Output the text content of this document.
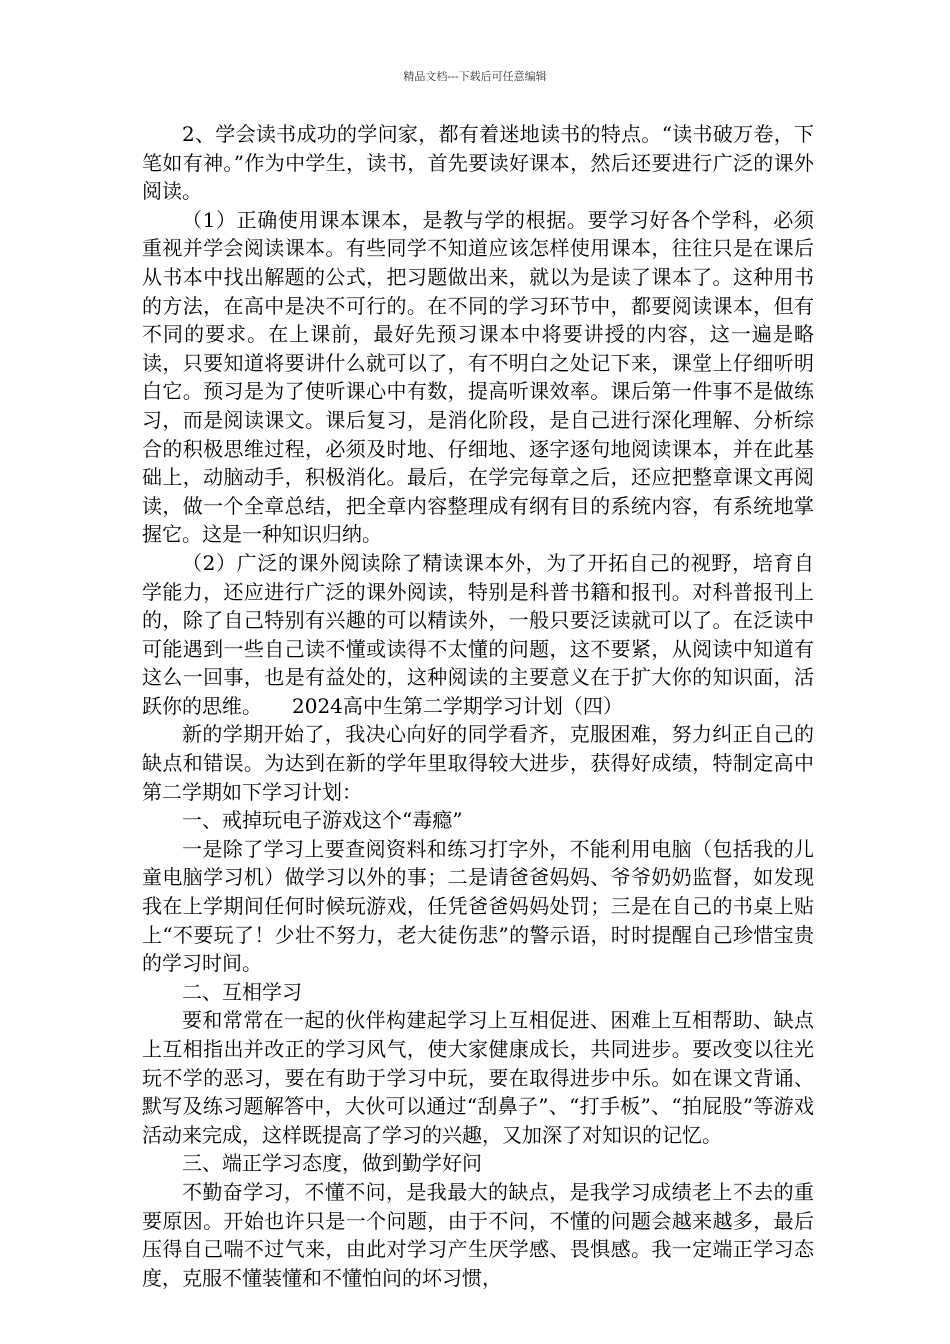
精品文档---下载后可任意编辑

2、学会读书成功的学问家，都有着迷地读书的特点。“读书破万卷，下笔如有神。”作为中学生，读书，首先要读好课本，然后还要进行广泛的课外阅读。

（1）正确使用课本课本，是教与学的根据。要学习好各个学科，必须重视并学会阅读课本。有些同学不知道应该怎样使用课本，往往只是在课后从书本中找出解题的公式，把习题做出来，就以为是读了课本了。这种用书的方法，在高中是决不可行的。在不同的学习环节中，都要阅读课本，但有不同的要求。在上课前，最好先预习课本中将要讲授的内容，这一遍是略读，只要知道将要讲什么就可以了，有不明白之处记下来，课堂上仔细听明白它。预习是为了使听课心中有数，提高听课效率。课后第一件事不是做练习，而是阅读课文。课后复习，是消化阶段，是自己进行深化理解、分析综合的积极思维过程，必须及时地、仔细地、逐字逐句地阅读课本，并在此基础上，动脑动手，积极消化。最后，在学完每章之后，还应把整章课文再阅读，做一个全章总结，把全章内容整理成有纲有目的系统内容，有系统地掌握它。这是一种知识归纳。

（2）广泛的课外阅读除了精读课本外，为了开拓自己的视野，培育自学能力，还应进行广泛的课外阅读，特别是科普书籍和报刊。对科普报刊上的，除了自己特别有兴趣的可以精读外，一般只要泛读就可以了。在泛读中可能遇到一些自己读不懂或读得不太懂的问题，这不要紧，从阅读中知道有这么一回事，也是有益处的，这种阅读的主要意义在于扩大你的知识面，活跃你的思维。　　2024高中生第二学期学习计划（四）

新的学期开始了，我决心向好的同学看齐，克服困难，努力纠正自己的缺点和错误。为达到在新的学年里取得较大进步，获得好成绩，特制定高中第二学期如下学习计划：

一、戒掉玩电子游戏这个“毒瘾”

一是除了学习上要查阅资料和练习打字外，不能利用电脑（包括我的儿童电脑学习机）做学习以外的事；二是请爸爸妈妈、爷爷奶奶监督，如发现我在上学期间任何时候玩游戏，任凭爸爸妈妈处罚；三是在自己的书桌上贴上“不要玩了！少壮不努力，老大徒伤悲”的警示语，时时提醒自己珍惜宝贵的学习时间。

二、互相学习

要和常常在一起的伙伴构建起学习上互相促进、困难上互相帮助、缺点上互相指出并改正的学习风气，使大家健康成长，共同进步。要改变以往光玩不学的恶习，要在有助于学习中玩，要在取得进步中乐。如在课文背诵、默写及练习题解答中，大伙可以通过“刮鼻子”、“打手板”、“拍屁股”等游戏活动来完成，这样既提高了学习的兴趣，又加深了对知识的记忆。

三、端正学习态度，做到勤学好问

不勤奋学习，不懂不问，是我最大的缺点，是我学习成绩老上不去的重要原因。开始也许只是一个问题，由于不问，不懂的问题会越来越多，最后压得自己喘不过气来，由此对学习产生厌学感、畏惧感。我一定端正学习态度，克服不懂装懂和不懂怕问的坏习惯，
